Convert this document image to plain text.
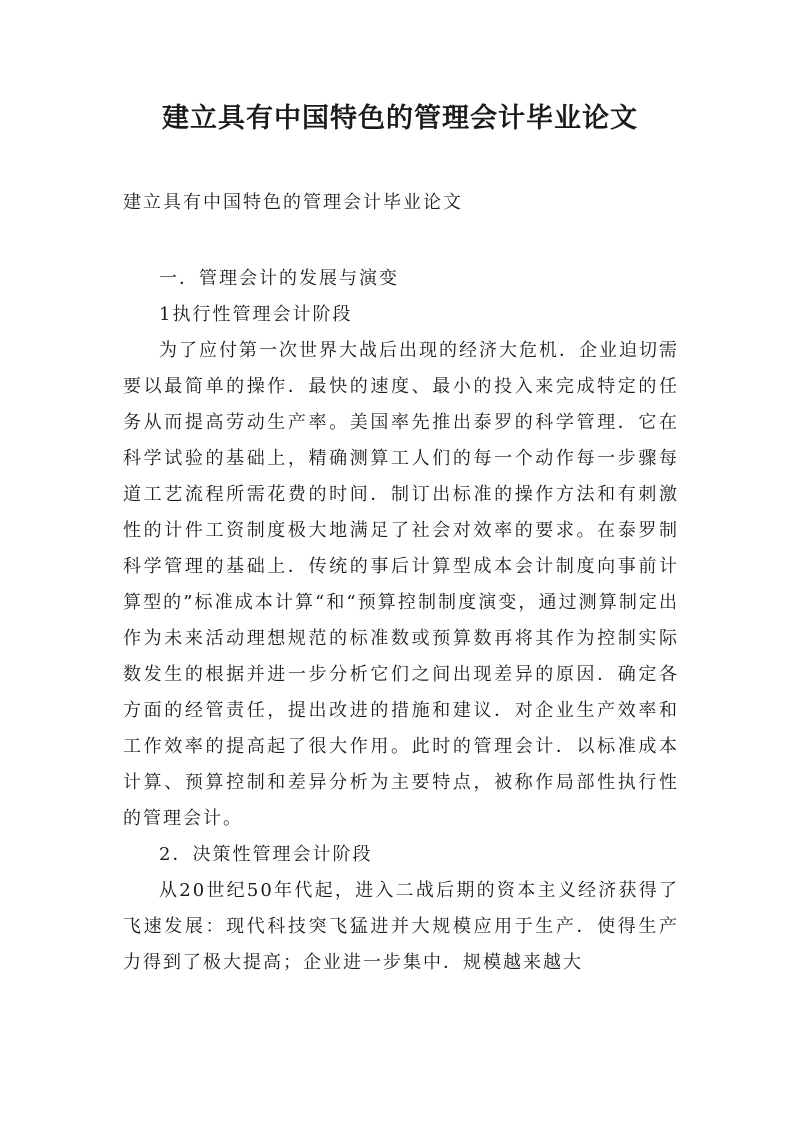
建立具有中国特色的管理会计毕业论文

建立具有中国特色的管理会计毕业论文

一．管理会计的发展与演变

1执行性管理会计阶段

为了应付第一次世界大战后出现的经济大危机．企业迫切需要以最简单的操作．最快的速度、最小的投入来完成特定的任务从而提高劳动生产率。美国率先推出泰罗的科学管理．它在科学试验的基础上，精确测算工人们的每一个动作每一步骤每道工艺流程所需花费的时间．制订出标准的操作方法和有刺激性的计件工资制度极大地满足了社会对效率的要求。在泰罗制科学管理的基础上．传统的事后计算型成本会计制度向事前计算型的”标准成本计算“和“预算控制制度演变，通过测算制定出作为未来活动理想规范的标准数或预算数再将其作为控制实际数发生的根据并进一步分析它们之间出现差异的原因．确定各方面的经管责任，提出改进的措施和建议．对企业生产效率和工作效率的提高起了很大作用。此时的管理会计．以标准成本计算、预算控制和差异分析为主要特点，被称作局部性执行性的管理会计。

2．决策性管理会计阶段

从20世纪50年代起，进入二战后期的资本主义经济获得了飞速发展：现代科技突飞猛进并大规模应用于生产．使得生产力得到了极大提高；企业进一步集中．规模越来越大
